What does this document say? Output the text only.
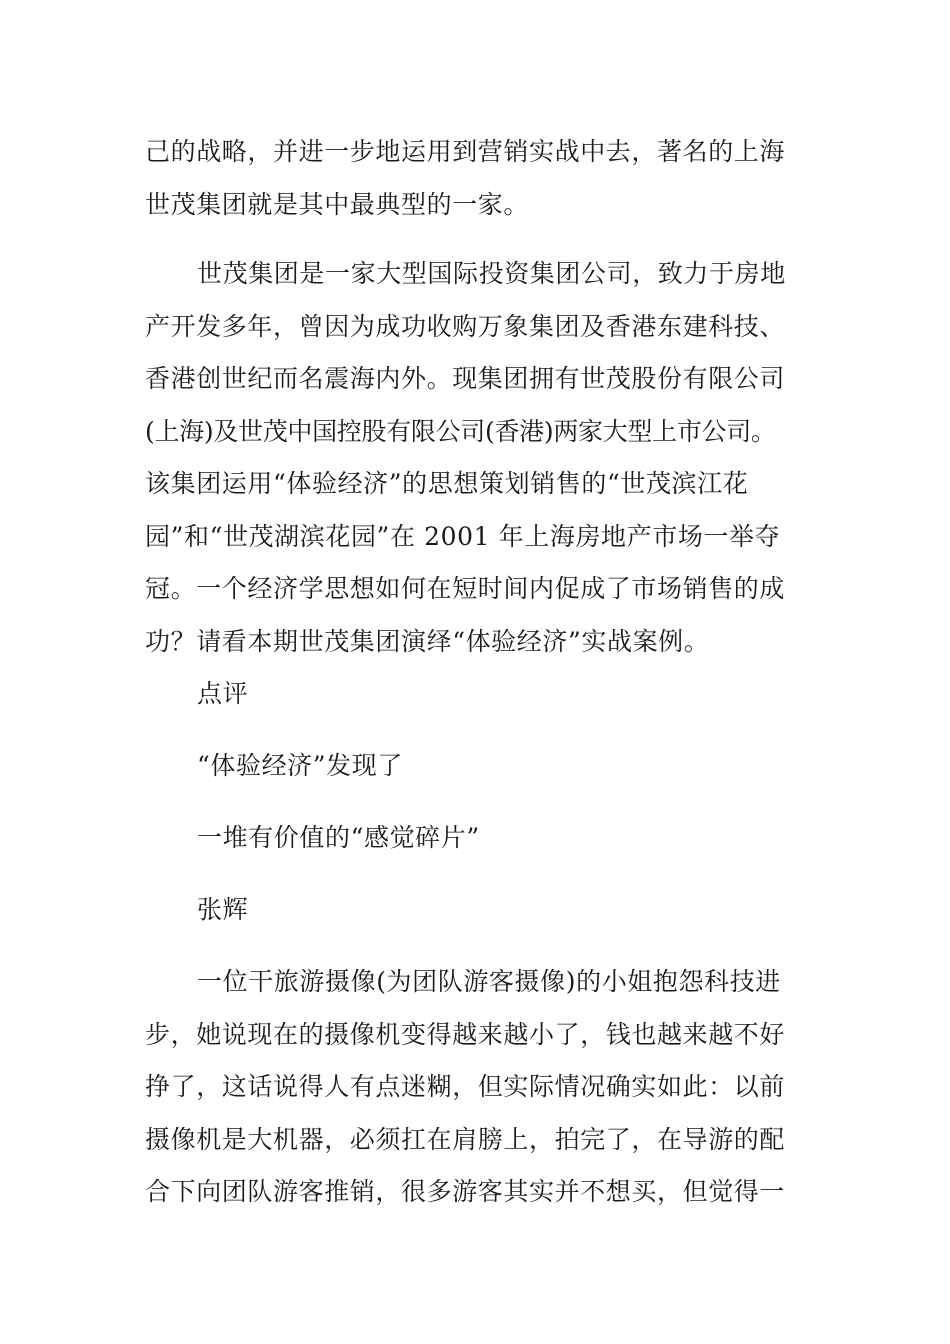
己的战略，并进一步地运用到营销实战中去，著名的上海
世茂集团就是其中最典型的一家。

世茂集团是一家大型国际投资集团公司，致力于房地
产开发多年，曾因为成功收购万象集团及香港东建科技、
香港创世纪而名震海内外。现集团拥有世茂股份有限公司
(上海)及世茂中国控股有限公司(香港)两家大型上市公司。
该集团运用“体验经济”的思想策划销售的“世茂滨江花
园”和“世茂湖滨花园”在 2001 年上海房地产市场一举夺
冠。一个经济学思想如何在短时间内促成了市场销售的成
功？请看本期世茂集团演绎“体验经济”实战案例。

点评

“体验经济”发现了

一堆有价值的“感觉碎片”

张辉

一位干旅游摄像(为团队游客摄像)的小姐抱怨科技进
步，她说现在的摄像机变得越来越小了，钱也越来越不好
挣了，这话说得人有点迷糊，但实际情况确实如此：以前
摄像机是大机器，必须扛在肩膀上，拍完了，在导游的配
合下向团队游客推销，很多游客其实并不想买，但觉得一
